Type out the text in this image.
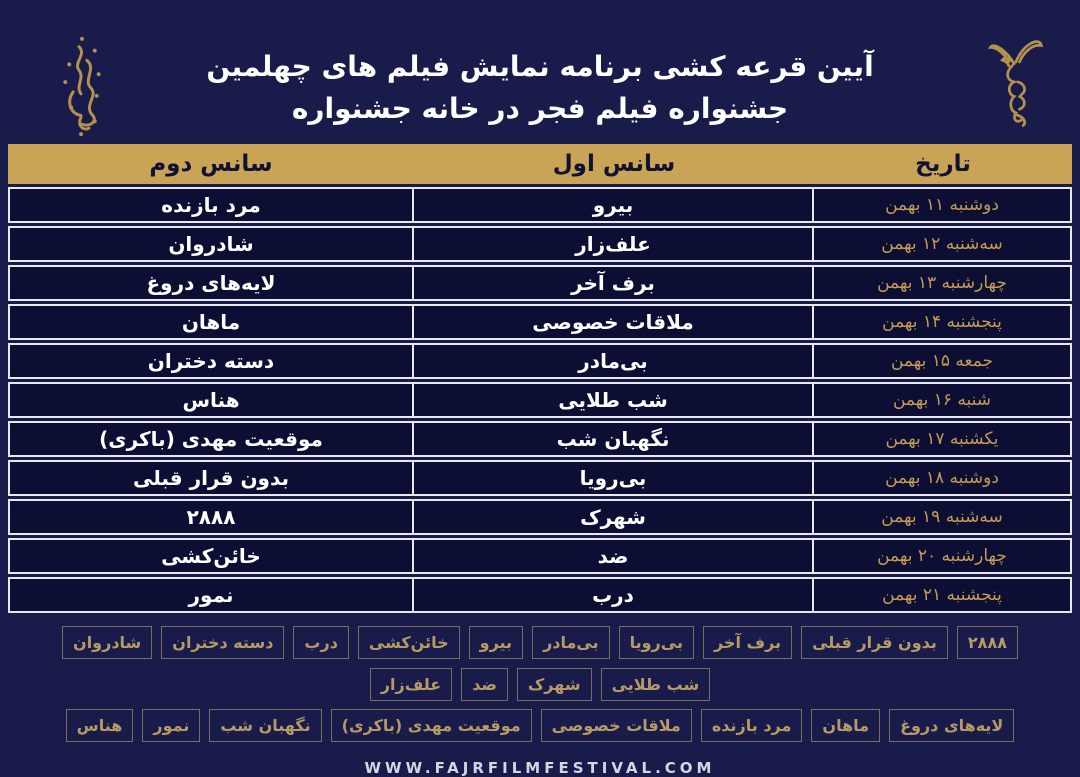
آیین قرعه کشی برنامه نمایش فیلم های چهلمین
جشنواره فیلم فجر در خانه جشنواره
تاریخ
سانس اول
سانس دوم
دوشنبه ۱۱ بهمن
بیرو
مرد بازنده
سه‌شنبه ۱۲ بهمن
علف‌زار
شادروان
چهارشنبه ۱۳ بهمن
برف آخر
لایه‌های دروغ
پنجشنبه ۱۴ بهمن
ملاقات خصوصی
ماهان
جمعه ۱۵ بهمن
بی‌مادر
دسته دختران
شنبه ۱۶ بهمن
شب طلایی
هناس
یکشنبه ۱۷ بهمن
نگهبان شب
موقعیت مهدی (باکری)
دوشنبه ۱۸ بهمن
بی‌رویا
بدون قرار قبلی
سه‌شنبه ۱۹ بهمن
شهرک
۲۸۸۸
چهارشنبه ۲۰ بهمن
ضد
خائن‌کشی
پنجشنبه ۲۱ بهمن
درب
نمور
۲۸۸۸
بدون قرار قبلی
برف آخر
بی‌رویا
بی‌مادر
بیرو
خائن‌کشی
درب
دسته دختران
شادروان
شب طلایی
شهرک
ضد
علف‌زار
لایه‌های دروغ
ماهان
مرد بازنده
ملاقات خصوصی
موقعیت مهدی (باکری)
نگهبان شب
نمور
هناس
WWW.FAJRFILMFESTIVAL.COM
